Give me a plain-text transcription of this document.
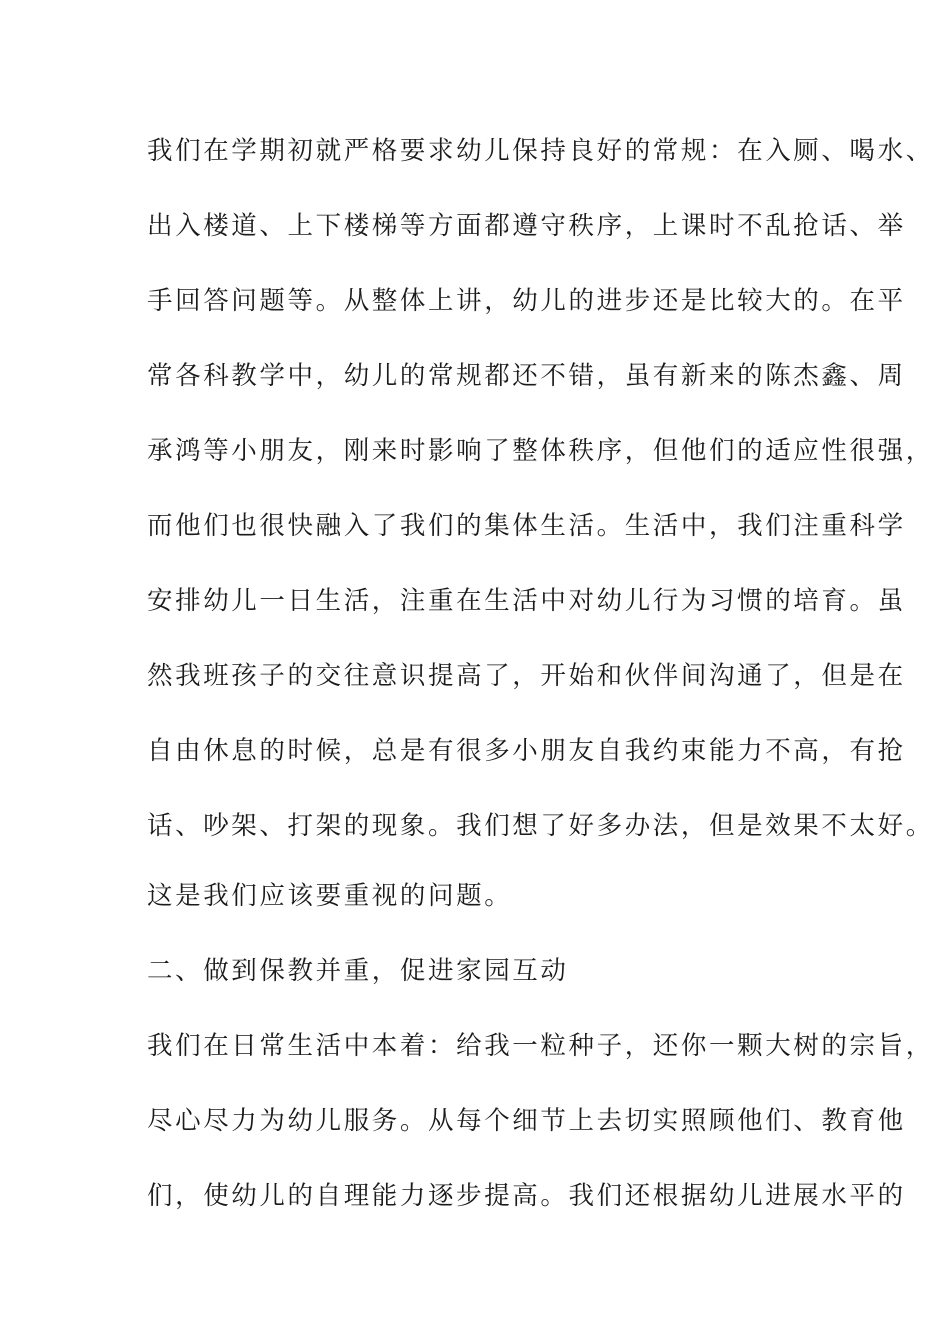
我们在学期初就严格要求幼儿保持良好的常规：在入厕、喝水、
出入楼道、上下楼梯等方面都遵守秩序，上课时不乱抢话、举
手回答问题等。从整体上讲，幼儿的进步还是比较大的。在平
常各科教学中，幼儿的常规都还不错，虽有新来的陈杰鑫、周
承鸿等小朋友，刚来时影响了整体秩序，但他们的适应性很强，
而他们也很快融入了我们的集体生活。生活中，我们注重科学
安排幼儿一日生活，注重在生活中对幼儿行为习惯的培育。虽
然我班孩子的交往意识提高了，开始和伙伴间沟通了，但是在
自由休息的时候，总是有很多小朋友自我约束能力不高，有抢
话、吵架、打架的现象。我们想了好多办法，但是效果不太好。
这是我们应该要重视的问题。
二、做到保教并重，促进家园互动
我们在日常生活中本着：给我一粒种子，还你一颗大树的宗旨，
尽心尽力为幼儿服务。从每个细节上去切实照顾他们、教育他
们，使幼儿的自理能力逐步提高。我们还根据幼儿进展水平的
